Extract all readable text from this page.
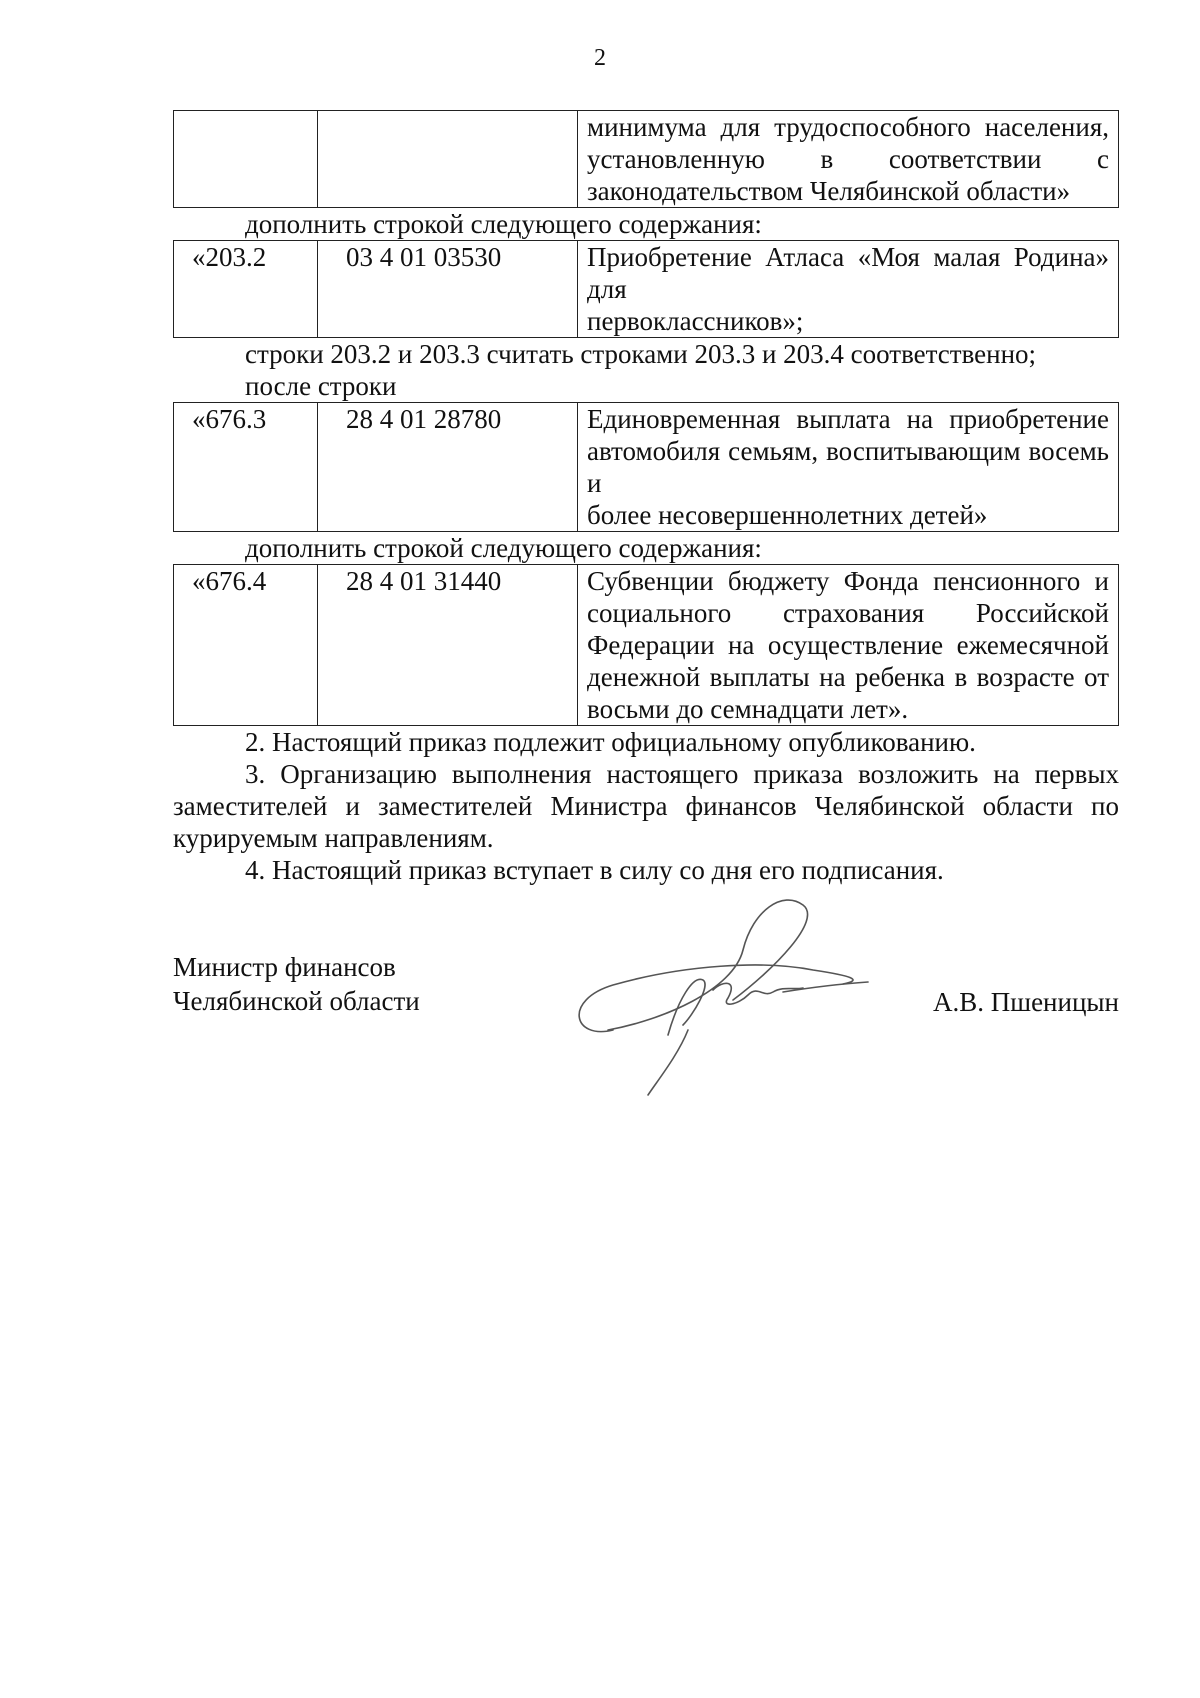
2

минимума для трудоспособного населения,
установленную в соответствии с
законодательством Челябинской области»

дополнить строкой следующего содержания:

«203.2	03 4 01 03530	Приобретение Атласа «Моя малая Родина» для
первоклассников»;

строки 203.2 и 203.3 считать строками 203.3 и 203.4 соответственно;

после строки

«676.3	28 4 01 28780	Единовременная выплата на приобретение
автомобиля семьям, воспитывающим восемь и
более несовершеннолетних детей»

дополнить строкой следующего содержания:

«676.4	28 4 01 31440	Субвенции бюджету Фонда пенсионного и
социального страхования Российской
Федерации на осуществление ежемесячной
денежной выплаты на ребенка в возрасте от
восьми до семнадцати лет».

2. Настоящий приказ подлежит официальному опубликованию.

3. Организацию выполнения настоящего приказа возложить на первых заместителей и заместителей Министра финансов Челябинской области по курируемым направлениям.

4. Настоящий приказ вступает в силу со дня его подписания.

Министр финансов
Челябинской области	А.В. Пшеницын
